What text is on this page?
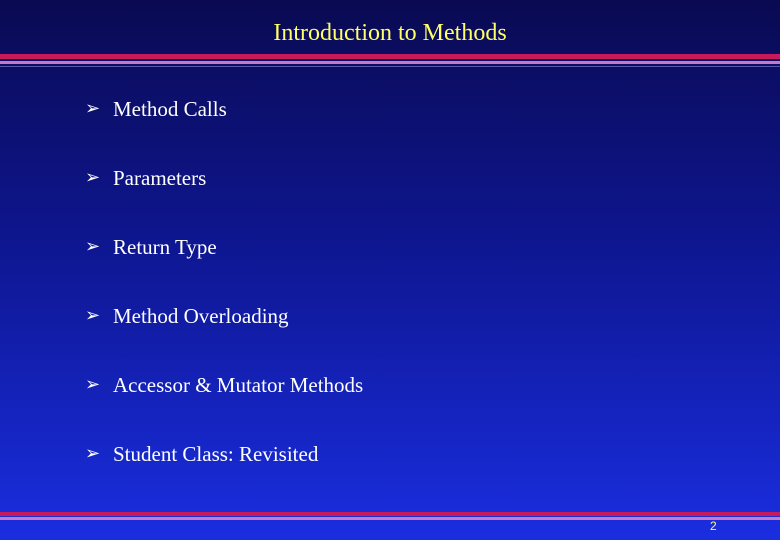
Introduction to Methods
➢ Method Calls
➢ Parameters
➢ Return Type
➢ Method Overloading
➢ Accessor & Mutator Methods
➢ Student Class: Revisited
2
